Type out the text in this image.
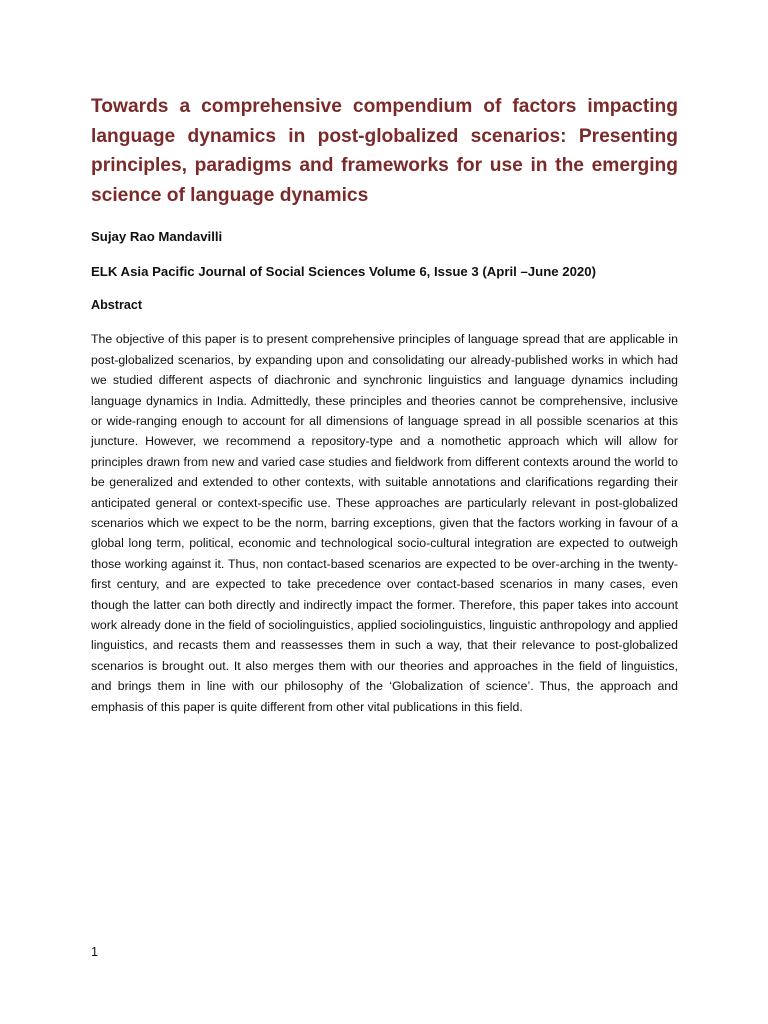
Towards a comprehensive compendium of factors impacting language dynamics in post-globalized scenarios: Presenting principles, paradigms and frameworks for use in the emerging science of language dynamics

Sujay Rao Mandavilli

ELK Asia Pacific Journal of Social Sciences Volume 6, Issue 3 (April –June 2020)

Abstract

The objective of this paper is to present comprehensive principles of language spread that are applicable in post-globalized scenarios, by expanding upon and consolidating our already-published works in which had we studied different aspects of diachronic and synchronic linguistics and language dynamics including language dynamics in India. Admittedly, these principles and theories cannot be comprehensive, inclusive or wide-ranging enough to account for all dimensions of language spread in all possible scenarios at this juncture. However, we recommend a repository-type and a nomothetic approach which will allow for principles drawn from new and varied case studies and fieldwork from different contexts around the world to be generalized and extended to other contexts, with suitable annotations and clarifications regarding their anticipated general or context-specific use. These approaches are particularly relevant in post-globalized scenarios which we expect to be the norm, barring exceptions, given that the factors working in favour of a global long term, political, economic and technological socio-cultural integration are expected to outweigh those working against it. Thus, non contact-based scenarios are expected to be over-arching in the twenty-first century, and are expected to take precedence over contact-based scenarios in many cases, even though the latter can both directly and indirectly impact the former. Therefore, this paper takes into account work already done in the field of sociolinguistics, applied sociolinguistics, linguistic anthropology and applied linguistics, and recasts them and reassesses them in such a way, that their relevance to post-globalized scenarios is brought out. It also merges them with our theories and approaches in the field of linguistics, and brings them in line with our philosophy of the ‘Globalization of science’. Thus, the approach and emphasis of this paper is quite different from other vital publications in this field.

1
